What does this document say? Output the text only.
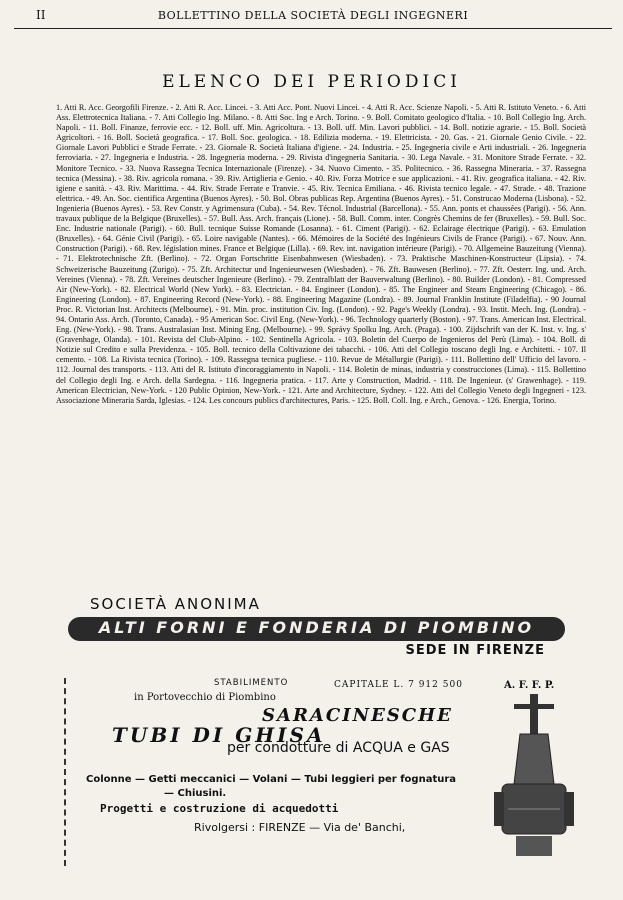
II	BOLLETTINO DELLA SOCIETÀ DEGLI INGEGNERI
ELENCO DEI PERIODICI
1. Atti R. Acc. Georgofili Firenze. - 2. Atti R. Acc. Lincei. - 3. Atti Acc. Pont. Nuovi Lincei. - 4. Atti R. Acc. Scienze Napoli. - 5. Atti R. Istituto Veneto. - 6. Atti Ass. Elettrotecnica Italiana. - 7. Atti Collegio Ing. Milano. - 8. Atti Soc. Ing e Arch. Torino. - 9. Boll. Comitato geologico d'Italia. - 10. Boll Collegio Ing. Arch. Napoli. - 11. Boll. Finanze, ferrovie ecc. - 12. Boll. uff. Min. Agricoltura. - 13. Boll. uff. Min. Lavori pubblici. - 14. Boll. notizie agrarie. - 15. Boll. Società Agricoltori. - 16. Boll. Società geografica. - 17. Boll. Soc. geologica. - 18. Edilizia moderna. - 19. Elettricista. - 20. Gas. - 21. Giornale Genio Civile. - 22. Giornale Lavori Pubblici e Strade Ferrate. - 23. Giornale R. Società Italiana d'igiene. - 24. Industria. - 25. Ingegneria civile e Arti industriali. - 26. Ingegneria ferroviaria. - 27. Ingegneria e Industria. - 28. Ingegneria moderna. - 29. Rivista d'ingegneria Sanitaria. - 30. Lega Navale. - 31. Monitore Strade Ferrate. - 32. Monitore Tecnico. - 33. Nuova Rassegna Tecnica Internazionale (Firenze). - 34. Nuovo Cimento. - 35. Politecnico. - 36. Rassegna Mineraria. - 37. Rassegna tecnica (Messina). - 38. Riv. agricola romana. - 39. Riv. Artiglieria e Genio. - 40. Riv. Forza Motrice e sue applicazioni. - 41. Riv. geografica italiana. - 42. Riv. igiene e sanità. - 43. Riv. Marittima. - 44. Riv. Strade Ferrate e Tranvie. - 45. Riv. Tecnica Emiliana. - 46. Rivista tecnico legale. - 47. Strade. - 48. Trazione elettrica. - 49. An. Soc. cientifica Argentina (Buenos Ayres). - 50. Bol. Obras publicas Rep. Argentina (Buenos Ayres). - 51. Construcao Moderna (Lisbona). - 52. Ingenieria (Buenos Ayres). - 53. Rev Constr. y Agrimensura (Cuba). - 54. Rev. Técnol. Industrial (Barcellona). - 55. Ann. ponts et chaussées (Parigi). - 56. Ann. travaux publique de la Belgique (Bruxelles). - 57. Bull. Ass. Arch. français (Lione). - 58. Bull. Comm. inter. Congrès Chemins de fer (Bruxelles). - 59. Bull. Soc. Enc. Industrie nationale (Parigi). - 60. Bull. tecnique Suisse Romande (Losanna). - 61. Ciment (Parigi). - 62. Eclairage électrique (Parigi). - 63. Emulation (Bruxelles). - 64. Génie Civil (Parigi). - 65. Loire navigable (Nantes). - 66. Mémoires de la Société des Ingénieurs Civils de France (Parigi). - 67. Nouv. Ann. Construction (Parigi). - 68. Rev. législation mines. France et Belgique (Lilla). - 69. Rev. int. navigation intérieure (Parigi). - 70. Allgemeine Bauzeitung (Vienna). - 71. Elektrotechnische Zft. (Berlino). - 72. Organ Fortschritte Eisenbahnwesen (Wiesbaden). - 73. Praktische Maschinen-Konstructeur (Lipsia). - 74. Schweizerische Bauzeitung (Zurigo). - 75. Zft. Architectur und Ingenieurwesen (Wiesbaden). - 76. Zft. Bauwesen (Berlino). - 77. Zft. Oesterr. Ing. und. Arch. Vereines (Vienna). - 78. Zft. Vereines deutscher Ingenieure (Berlino). - 79. Zentralblatt der Bauverwaltung (Berlino). - 80. Builder (London). - 81. Compressed Air (New-York). - 82. Electrical World (New York). - 83. Electrician. - 84. Engineer (London). - 85. The Engineer and Steam Engineering (Chicago). - 86. Engineering (London). - 87. Engineering Record (New-York). - 88. Engineering Magazine (Londra). - 89. Journal Franklin Institute (Filadelfia). - 90 Journal Proc. R. Victorian Inst. Architects (Melbourne). - 91. Min. proc. institution Civ. Ing. (London). - 92. Page's Weekly (Londra). - 93. Instit. Mech. Ing. (Londra). - 94. Ontario Ass. Arch. (Toronto, Canada). - 95 American Soc. Civil Eng. (New-York). - 96. Technology quarterly (Boston). - 97. Trans. American Inst. Electrical. Eng. (New-York). - 98. Trans. Australasian Inst. Mining Eng. (Melbourne). - 99. Správy Spolku Ing. Arch. (Praga). - 100. Zijdschrift van der K. Inst. v. Ing. s' (Gravenhage, Olanda). - 101. Revista del Club-Alpino. - 102. Sentinella Agricola. - 103. Boletin del Cuerpo de Ingenieros del Perù (Lima). - 104. Boll. di Notizie sul Credito e sulla Previdenza. - 105. Boll. tecnico della Coltivazione dei tabacchi. - 106. Atti del Collegio toscano degli Ing. e Architetti. - 107. Il cemento. - 108. La Rivista tecnica (Torino). - 109. Rassegna tecnica pugliese. - 110. Revue de Métallurgie (Parigi). - 111. Bollettino dell' Ufficio del lavoro. - 112. Journal des transports. - 113. Atti del R. Istituto d'incoraggiamento in Napoli. - 114. Boletin de minas, industria y construcciones (Lima). - 115. Bollettino del Collegio degli Ing. e Arch. della Sardegna. - 116. Ingegneria pratica. - 117. Arte y Construction, Madrid. - 118. De Ingenieur. (s' Grawenhage). - 119. American Electrician, New-York. - 120 Public Opinion, New-York. - 121. Arte and Architecture, Sydney. - 122. Atti del Collegio Veneto degli Ingegneri - 123. Associazione Mineraria Sarda, Iglesias. - 124. Les concours publics d'architectures, Paris. - 125. Boll. Coll. Ing. e Arch., Genova. - 126. Energia, Torino.
SOCIETÀ ANONIMA
ALTI FORNI E FONDERIA DI PIOMBINO
SEDE IN FIRENZE
STABILIMENTO
in Portovecchio di Piombino
CAPITALE L. 7 912 500	A. F. F. P.
SARACINESCHE
TUBI DI GHISA
per condotture di ACQUA e GAS
Colonne — Getti meccanici — Volani — Tubi leggieri per fognatura
— Chiusini.
Progetti e costruzione di acquedotti
Rivolgersi : FIRENZE — Via de' Banchi,
